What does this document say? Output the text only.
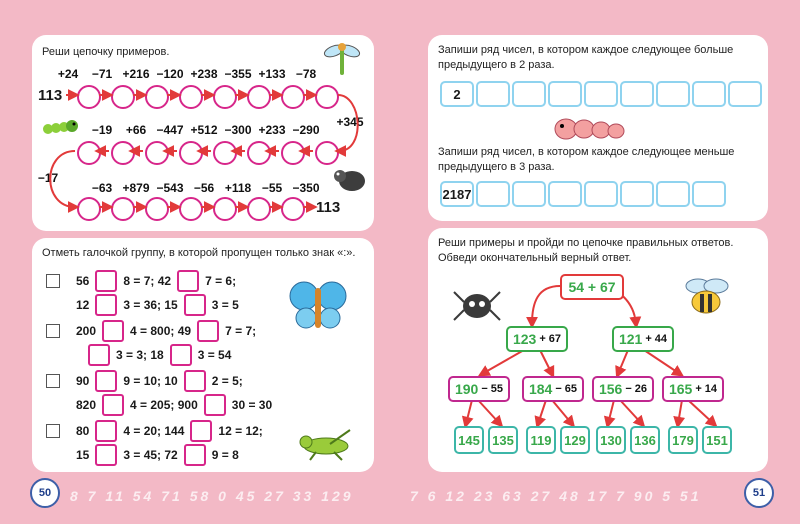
Реши цепочку примеров.
113
+24	−71 +216 −120 +238 −355 +133 −78
+345
−19	+66 −447 +512 −300 +233 −290
−17
−63 +879 −543 −56 +118 −55 −350
113
Отметь галочкой группу, в которой пропущен только знак «:».
56	8 = 7; 42	7 = 6;
12	3 = 36; 15	3 = 5
200	4 = 800; 49	7 = 7;
3 = 3; 18	3 = 54
90	9 = 10; 10	2 = 5;
820	4 = 205; 900	30 = 30
80	4 = 20; 144	12 = 12;
15	3 = 45; 72	9 = 8
50	8 7 11 54 71 58 0 45 27 33 129
Запиши ряд чисел, в котором каждое следующее больше предыдущего в 2 раза.
2
Запиши ряд чисел, в котором каждое следующее меньше предыдущего в 3 раза.
2187
Реши примеры и пройди по цепочке правильных ответов. Обведи окончательный верный ответ.
54 + 67
123 + 67	121 + 44
190 − 55 184 − 65 156 − 26 165 + 14
145 135	119 129	130 136	179 151
7 6 12 23 63 27 48 17 7 90 5 51	51
